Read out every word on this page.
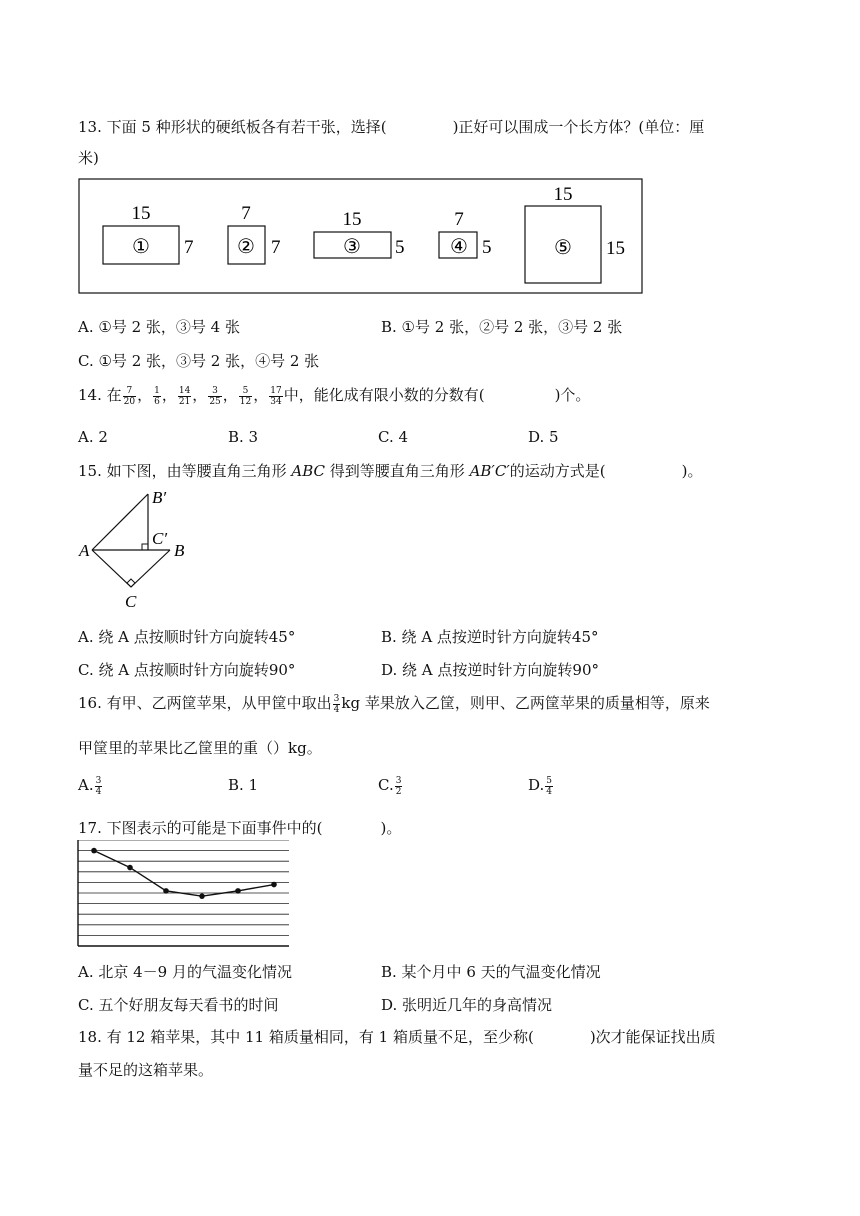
13. 下面 5 种形状的硬纸板各有若干张，选择(	)正好可以围成一个长方体？(单位：厘
米)
15
7
①
7
7
②
15
5
③
7
5
④
15
15
⑤
A. ①号 2 张，③号 4 张	B. ①号 2 张，②号 2 张，③号 2 张
C. ①号 2 张，③号 2 张，④号 2 张
14. 在 $\frac{7}{20}$ ， $\frac{1}{6}$ ， $\frac{14}{21}$ ， $\frac{3}{25}$ ， $\frac{5}{12}$ ， $\frac{17}{34}$ 中，能化成有限小数的分数有(	)个。
A. 2	B. 3	C. 4	D. 5
15. 如下图，由等腰直角三角形 ABC 得到等腰直角三角形 AB′C′的运动方式是(	)。
A	B
C
B′
C′
A. 绕 A 点按顺时针方向旋转45°	B. 绕 A 点按逆时针方向旋转45°
C. 绕 A 点按顺时针方向旋转90°	D. 绕 A 点按逆时针方向旋转90°
16. 有甲、乙两筐苹果，从甲筐中取出 $\frac{3}{4}$ kg 苹果放入乙筐，则甲、乙两筐苹果的质量相等，原来
甲筐里的苹果比乙筐里的重（）kg。
A. $\frac{3}{4}$	B. 1	C. $\frac{3}{2}$	D. $\frac{5}{4}$
17. 下图表示的可能是下面事件中的(	)。
A. 北京 4－9 月的气温变化情况	B. 某个月中 6 天的气温变化情况
C. 五个好朋友每天看书的时间	D. 张明近几年的身高情况
18. 有 12 箱苹果，其中 11 箱质量相同，有 1 箱质量不足，至少称(	)次才能保证找出质
量不足的这箱苹果。
